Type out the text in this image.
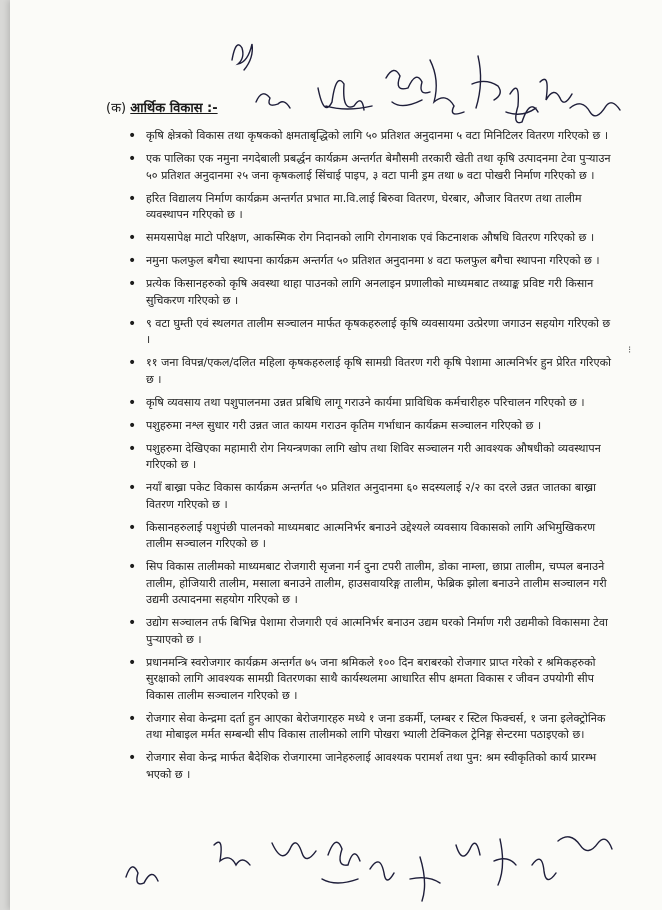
(क) आर्थिक विकास :-
• कृषि क्षेत्रको विकास तथा कृषकको क्षमताबृद्धिको लागि ५० प्रतिशत अनुदानमा ५ वटा मिनिटिलर वितरण गरिएको छ ।
• एक पालिका एक नमुना नगदेबाली प्रबर्द्धन कार्यक्रम अन्तर्गत बेमौसमी तरकारी खेती तथा कृषि उत्पादनमा टेवा पुऱ्याउन ५० प्रतिशत अनुदानमा २५ जना कृषकलाई सिंचाई पाइप, ३ वटा पानी ड्रम तथा ७ वटा पोखरी निर्माण गरिएको छ ।
• हरित विद्यालय निर्माण कार्यक्रम अन्तर्गत प्रभात मा.वि.लाई बिरुवा वितरण, घेरबार, औजार वितरण तथा तालीम व्यवस्थापन गरिएको छ ।
• समयसापेक्ष माटो परिक्षण, आकस्मिक रोग निदानको लागि रोगनाशक एवं किटनाशक औषधि वितरण गरिएको छ ।
• नमुना फलफुल बगैचा स्थापना कार्यक्रम अन्तर्गत ५० प्रतिशत अनुदानमा ४ वटा फलफुल बगैचा स्थापना गरिएको छ ।
• प्रत्येक किसानहरुको कृषि अवस्था थाहा पाउनको लागि अनलाइन प्रणालीको माध्यमबाट तथ्याङ्क प्रविष्ट गरी किसान सुचिकरण गरिएको छ ।
• ९ वटा घुम्ती एवं स्थलगत तालीम सञ्चालन मार्फत कृषकहरुलाई कृषि व्यवसायमा उत्प्रेरणा जगाउन सहयोग गरिएको छ ।
• ११ जना विपन्न/एकल/दलित महिला कृषकहरुलाई कृषि सामग्री वितरण गरी कृषि पेशामा आत्मनिर्भर हुन प्रेरित गरिएको छ ।
• कृषि व्यवसाय तथा पशुपालनमा उन्नत प्रबिधि लागू गराउने कार्यमा प्राविधिक कर्मचारीहरु परिचालन गरिएको छ ।
• पशुहरुमा नश्ल सुधार गरी उन्नत जात कायम गराउन कृतिम गर्भाधान कार्यक्रम सञ्चालन गरिएको छ ।
• पशुहरुमा देखिएका महामारी रोग नियन्त्रणका लागि खोप तथा शिविर सञ्चालन गरी आवश्यक औषधीको व्यवस्थापन गरिएको छ ।
• नयाँ बाख्रा पकेट विकास कार्यक्रम अन्तर्गत ५० प्रतिशत अनुदानमा ६० सदस्यलाई २/२ का दरले उन्नत जातका बाख्रा वितरण गरिएको छ ।
• किसानहरुलाई पशुपंछी पालनको माध्यमबाट आत्मनिर्भर बनाउने उद्देश्यले व्यवसाय विकासको लागि अभिमुखिकरण तालीम सञ्चालन गरिएको छ ।
• सिप विकास तालीमको माध्यमबाट रोजगारी सृजना गर्न दुना टपरी तालीम, डोका नाम्ला, छाप्रा तालीम, चप्पल बनाउने तालीम, होजियारी तालीम, मसाला बनाउने तालीम, हाउसवायरिङ्ग तालीम, फेब्रिक झोला बनाउने तालीम सञ्चालन गरी उद्यमी उत्पादनमा सहयोग गरिएको छ ।
• उद्योग सञ्चालन तर्फ बिभिन्न पेशामा रोजगारी एवं आत्मनिर्भर बनाउन उद्यम घरको निर्माण गरी उद्यमीको विकासमा टेवा पुऱ्याएको छ ।
• प्रधानमन्त्रि स्वरोजगार कार्यक्रम अन्तर्गत ७५ जना श्रमिकले १०० दिन बराबरको रोजगार प्राप्त गरेको र श्रमिकहरुको सुरक्षाको लागि आवश्यक सामग्री वितरणका साथै कार्यस्थलमा आधारित सीप क्षमता विकास र जीवन उपयोगी सीप विकास तालीम सञ्चालन गरिएको छ ।
• रोजगार सेवा केन्द्रमा दर्ता हुन आएका बेरोजगारहरु मध्ये १ जना डकर्मी, प्लम्बर र स्टिल फिक्चर्स, १ जना इलेक्ट्रोनिक तथा मोबाइल मर्मत सम्बन्धी सीप विकास तालीमको लागि पोखरा भ्याली टेक्निकल ट्रेनिङ्ग सेन्टरमा पठाइएको छ।
• रोजगार सेवा केन्द्र मार्फत बैदेशिक रोजगारमा जानेहरुलाई आवश्यक परामर्श तथा पुन: श्रम स्वीकृतिको कार्य प्रारम्भ भएको छ ।
⁝
